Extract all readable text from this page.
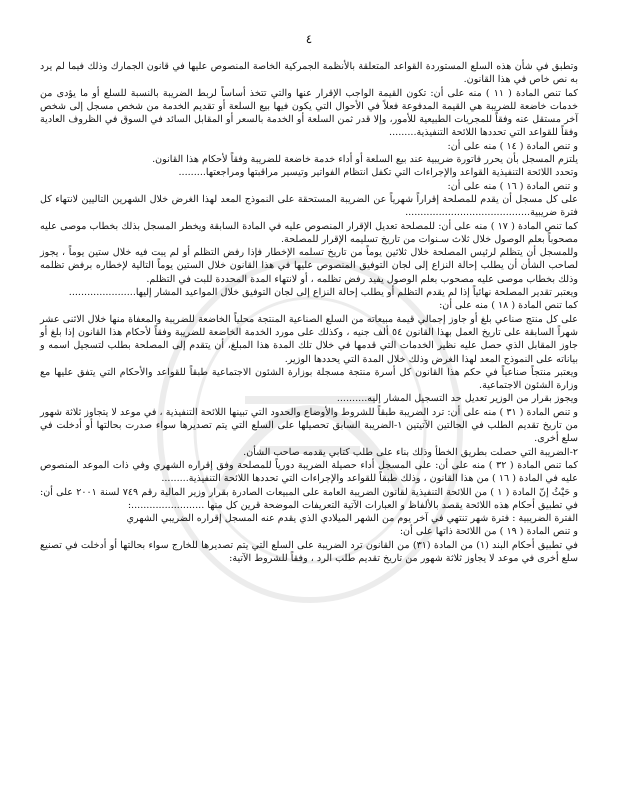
٤

وتطبق في شأن هذه السلع المستوردة القواعد المتعلقة بالأنظمة الجمركية الخاصة المنصوص عليها في قانون الجمارك وذلك فيما لم يرد به نص خاص في هذا القانون.

كما تنص المادة ( ١١ ) منه على أن: تكون القيمة الواجب الإقرار عنها والتي تتخذ أساساً لربط الضريبة بالنسبة للسلع أو ما يؤدى من خدمات خاضعة للضريبة هي القيمة المدفوعة فعلاً في الأحوال التي يكون فيها بيع السلعة أو تقديم الخدمة من شخص مسجل إلى شخص آخر مستقل عنه وفقاً للمجريات الطبيعية للأمور، وإلا قدر ثمن السلعة أو الخدمة بالسعر أو المقابل السائد في السوق في الظروف العادية وفقاً للقواعد التي تحددها اللائحة التنفيذية.........

و تنص المادة ( ١٤ ) منه على أن:

يلتزم المسجل بأن يحرر فاتورة ضريبية عند بيع السلعة أو أداء خدمة خاضعة للضريبة وفقاً لأحكام هذا القانون.

وتحدد اللائحة التنفيذية القواعد والإجراءات التي تكفل انتظام الفواتير وتيسير مراقبتها ومراجعتها.........

و تنص المادة ( ١٦ ) منه على أن:

على كل مسجل أن يقدم للمصلحة إقراراً شهرياً عن الضريبة المستحقة على النموذج المعد لهذا الغرض خلال الشهرين التاليين لانتهاء كل فترة ضريبية.........................................

كما تنص المادة ( ١٧ ) منه على أن: للمصلحة تعديل الإقرار المنصوص عليه في المادة السابقة ويخطر المسجل بذلك بخطاب موصى عليه مصحوباً بعلم الوصول خلال ثلاث سـنوات من تاريخ تسليمه الإقرار للمصلحة.

وللمسجل أن يتظلم لرئيس المصلحة خلال ثلاثين يوماً من تاريخ تسلمه الإخطار فإذا رفض التظلم أو لم يبت فيه خلال ستين يوماً ، يجوز لصاحب الشأن أن يطلب إحالة النزاع إلى لجان التوفيق المنصوص عليها في هذا القانون خلال الستين يوماً التالية لإخطاره برفض تظلمه وذلك بخطاب موصى عليه مصحوب بعلم الوصول يفيد رفض تظلمه ، أو لانتهاء المدة المحددة للبت في التظلم.

ويعتبر تقدير المصلحة نهائياً إذا لم يقدم التظلم أو يطلب إحالة النزاع إلى لجان التوفيق خلال المواعيد المشار إليها......................

كما تنص المادة ( ١٨ ) منه على أن:

على كل منتج صناعي بلغ أو جاوز إجمالي قيمة مبيعاته من السلع الصناعية المنتجة محلياً الخاضعة للضريبة والمعفاة منها خلال الاثنى عشر شهراً السابقة على تاريخ العمل بهذا القانون ٥٤ ألف جنيه ، وكذلك على مورد الخدمة الخاضعة للضريبة وفقاً لأحكام هذا القانون إذا بلغ أو جاوز المقابل الذي حصل عليه نظير الخدمات التي قدمها في خلال تلك المدة هذا المبلغ، أن يتقدم إلى المصلحة بطلب لتسجيل اسمه و بياناته على النموذج المعد لهذا الغرض وذلك خلال المدة التي يحددها الوزير.

ويعتبر منتجاً صناعياً في حكم هذا القانون كل أسرة منتجة مسجلة بوزارة الشئون الاجتماعية طبقاً للقواعد والأحكام التي يتفق عليها مع وزارة الشئون الاجتماعية.

ويجوز بقرار من الوزير تعديل حد التسجيل المشار إليه..........

و تنص المادة ( ٣١ ) منه على أن: ترد الضريبة طبقاً للشروط والأوضاع والحدود التي تبينها اللائحة التنفيذية ، في موعد لا يتجاوز ثلاثة شهور من تاريخ تقديم الطلب في الحالتين الآتيتين ١-الضريبة السابق تحصيلها على السلع التي يتم تصديرها سواء صدرت بحالتها أو أدخلت في سلع أخرى.

٢-الضريبة التي حصلت بطريق الخطأ وذلك بناء على طلب كتابي يقدمه صاحب الشأن.

كما تنص المادة ( ٣٢ ) منه على أن: على المسجل أداء حصيلة الضريبة دورياً للمصلحة وفق إقراره الشهري وفي ذات الموعد المنصوص عليه في المادة ( ١٦ ) من هذا القانون ، وذلك طبقاً للقواعد والإجراءات التي تحددها اللائحة التنفيذية.........

و حَيْثُ إنّ المادة ( ١ ) من اللائحة التنفيذية لقانون الضريبة العامة على المبيعات الصادرة بقرار وزير المالية رقم ٧٤٩ لسنة ٢٠٠١ على أن: في تطبيق أحكام هذه اللائحة يقصد بالألفاظ و العبارات الآتية التعريفات الموضحة قرين كل منها ........................:

الفترة الضريبية : فترة شهر تنتهي في آخر يوم من الشهر الميلادي الذي يقدم عنه المسجل إقراره الضريبي الشهري

و تنص المادة ( ١٩ ) من اللائحة ذاتها على أن:

في تطبيق أحكام البند (١) من المادة (٣١) من القانون ترد الضريبة على السلع التي يتم تصديرها للخارج سواء بحالتها أو أدخلت في تصنيع سلع أخرى في موعد لا يجاوز ثلاثة شهور من تاريخ تقديم طلب الرد ، وفقاً للشروط الآتية:
